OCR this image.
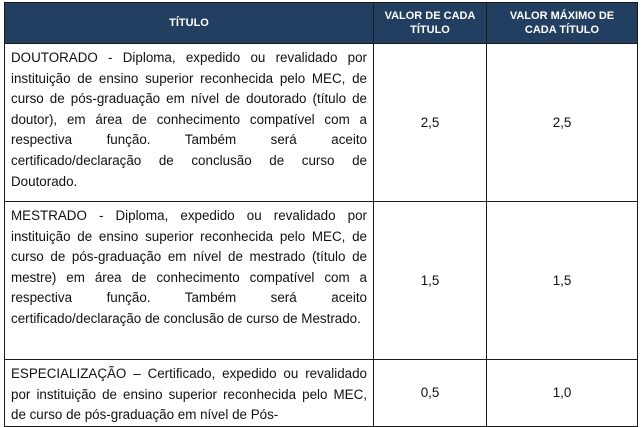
TÍTULO	VALOR DE CADA TÍTULO	VALOR MÁXIMO DE CADA TÍTULO
DOUTORADO - Diploma, expedido ou revalidado por instituição de ensino superior reconhecida pelo MEC, de curso de pós-graduação em nível de doutorado (título de doutor), em área de conhecimento compatível com a respectiva função. Também será aceito certificado/declaração de conclusão de curso de Doutorado.	2,5	2,5
MESTRADO - Diploma, expedido ou revalidado por instituição de ensino superior reconhecida pelo MEC, de curso de pós-graduação em nível de mestrado (título de mestre) em área de conhecimento compatível com a respectiva função. Também será aceito certificado/declaração de conclusão de curso de Mestrado.	1,5	1,5
ESPECIALIZAÇÃO – Certificado, expedido ou revalidado por instituição de ensino superior reconhecida pelo MEC, de curso de pós-graduação em nível de Pós-	0,5	1,0
